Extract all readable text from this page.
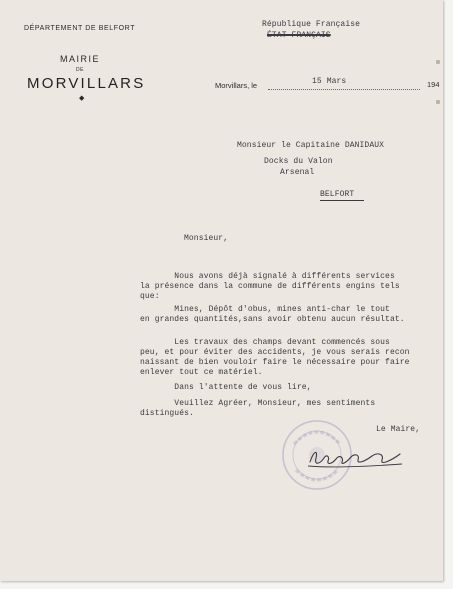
DÉPARTEMENT DE BELFORT
MAIRIE
DE
MORVILLARS
◆
République Française
ÉTAT FRANÇAIS
Morvillars, le	15 Mars	194
Monsieur le Capitaine DANIDAUX
Docks du Valon
Arsenal
BELFORT
Monsieur,
Nous avons déjà signalé à différents services
la présence dans la commune de différents engins tels
que:
Mines, Dépôt d'obus, mines anti-char le tout
en grandes quantités,sans avoir obtenu aucun résultat.
Les travaux des champs devant commencés sous
peu, et pour éviter des accidents, je vous serais recon
naissant de bien vouloir faire le nécessaire pour faire
enlever tout ce matériel.
Dans l'attente de vous lire,
Veuillez Agréer, Monsieur, mes sentiments
distingués.
Le Maire,
